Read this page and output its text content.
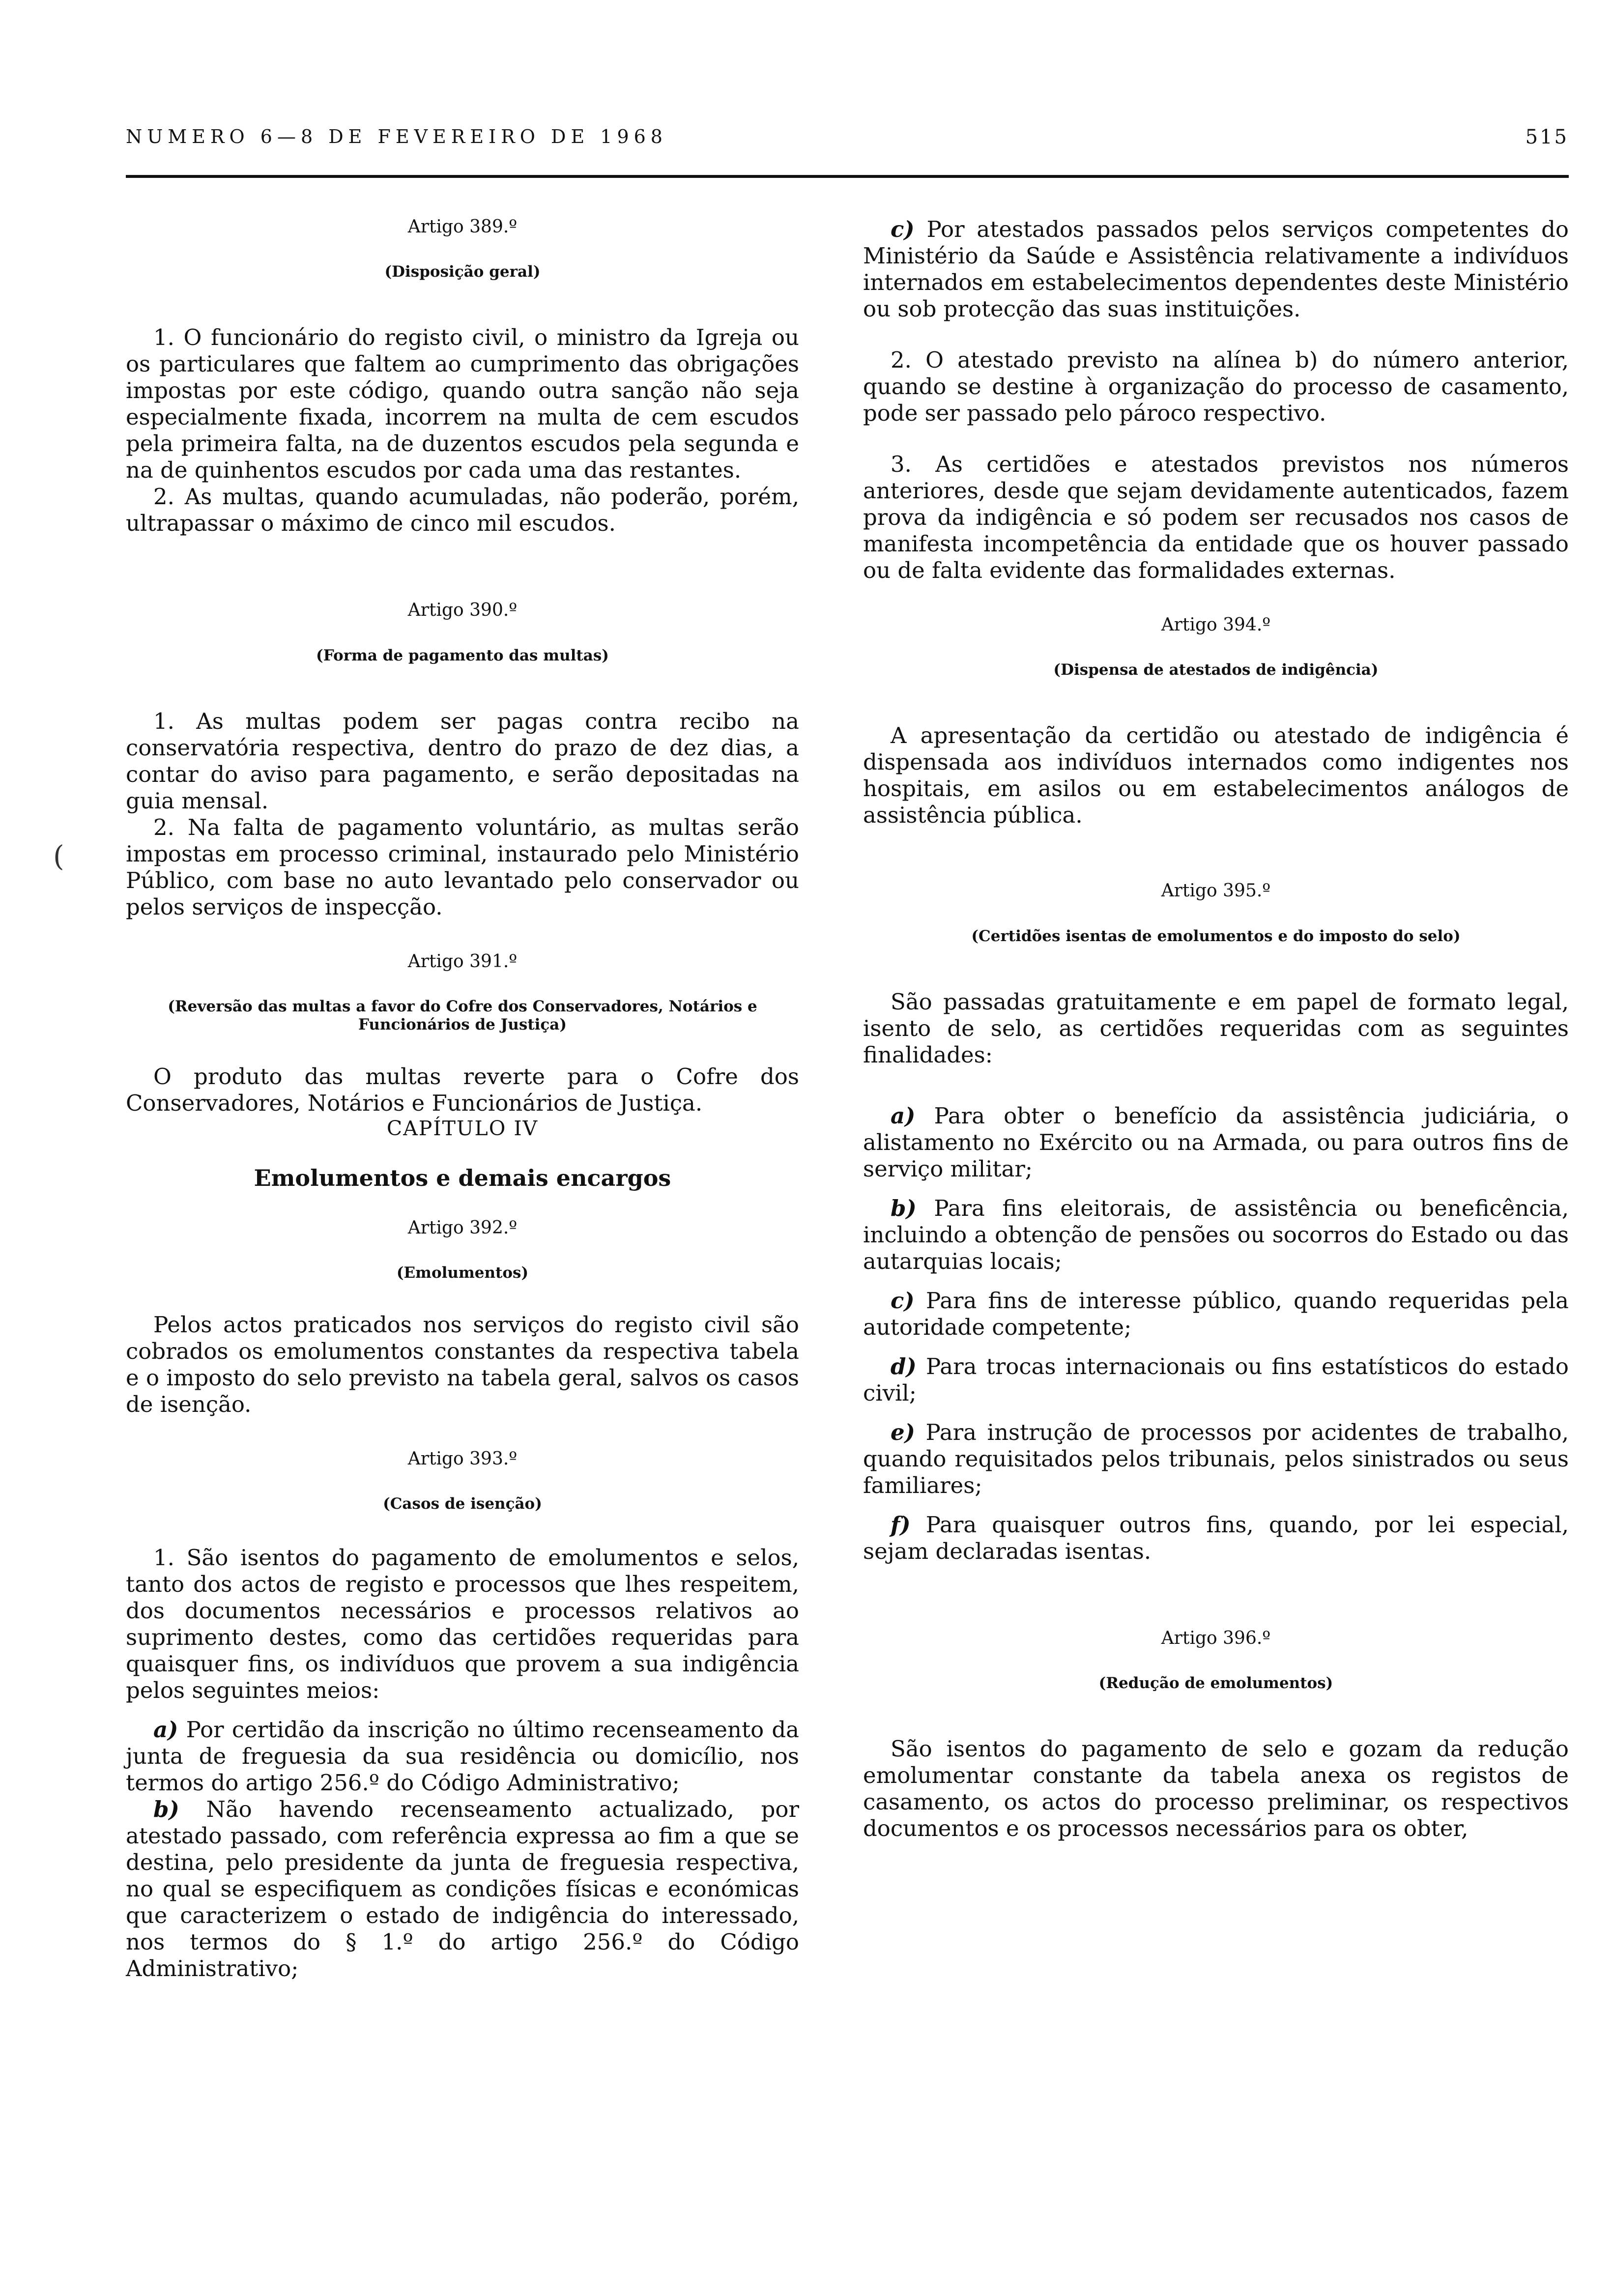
NUMERO 6—8 DE FEVEREIRO DE 1968	515
(
Artigo 389.º
(Disposição geral)

1. O funcionário do registo civil, o ministro da Igreja ou os particulares que faltem ao cumprimento das obrigações impostas por este código, quando outra sanção não seja especialmente fixada, incorrem na multa de cem escudos pela primeira falta, na de duzentos escudos pela segunda e na de quinhentos escudos por cada uma das restantes.

2. As multas, quando acumuladas, não poderão, porém, ultrapassar o máximo de cinco mil escudos.

Artigo 390.º
(Forma de pagamento das multas)

1. As multas podem ser pagas contra recibo na conservatória respectiva, dentro do prazo de dez dias, a contar do aviso para pagamento, e serão depositadas na guia mensal.

2. Na falta de pagamento voluntário, as multas serão impostas em processo criminal, instaurado pelo Ministério Público, com base no auto levantado pelo conservador ou pelos serviços de inspecção.

Artigo 391.º
(Reversão das multas a favor do Cofre dos Conservadores, Notários e Funcionários de Justiça)

O produto das multas reverte para o Cofre dos Conservadores, Notários e Funcionários de Justiça.

CAPÍTULO IV
Emolumentos e demais encargos
Artigo 392.º
(Emolumentos)

Pelos actos praticados nos serviços do registo civil são cobrados os emolumentos constantes da respectiva tabela e o imposto do selo previsto na tabela geral, salvos os casos de isenção.

Artigo 393.º
(Casos de isenção)

1. São isentos do pagamento de emolumentos e selos, tanto dos actos de registo e processos que lhes respeitem, dos documentos necessários e processos relativos ao suprimento destes, como das certidões requeridas para quaisquer fins, os indivíduos que provem a sua indigência pelos seguintes meios:

a) Por certidão da inscrição no último recenseamento da junta de freguesia da sua residência ou domicílio, nos termos do artigo 256.º do Código Administrativo;

b) Não havendo recenseamento actualizado, por atestado passado, com referência expressa ao fim a que se destina, pelo presidente da junta de freguesia respectiva, no qual se especifiquem as condições físicas e económicas que caracterizem o estado de indigência do interessado, nos termos do § 1.º do artigo 256.º do Código Administrativo;

c) Por atestados passados pelos serviços competentes do Ministério da Saúde e Assistência relativamente a indivíduos internados em estabelecimentos dependentes deste Ministério ou sob protecção das suas instituições.

2. O atestado previsto na alínea b) do número anterior, quando se destine à organização do processo de casamento, pode ser passado pelo pároco respectivo.

3. As certidões e atestados previstos nos números anteriores, desde que sejam devidamente autenticados, fazem prova da indigência e só podem ser recusados nos casos de manifesta incompetência da entidade que os houver passado ou de falta evidente das formalidades externas.

Artigo 394.º
(Dispensa de atestados de indigência)

A apresentação da certidão ou atestado de indigência é dispensada aos indivíduos internados como indigentes nos hospitais, em asilos ou em estabelecimentos análogos de assistência pública.

Artigo 395.º
(Certidões isentas de emolumentos e do imposto do selo)

São passadas gratuitamente e em papel de formato legal, isento de selo, as certidões requeridas com as seguintes finalidades:

a) Para obter o benefício da assistência judiciária, o alistamento no Exército ou na Armada, ou para outros fins de serviço militar;

b) Para fins eleitorais, de assistência ou beneficência, incluindo a obtenção de pensões ou socorros do Estado ou das autarquias locais;

c) Para fins de interesse público, quando requeridas pela autoridade competente;

d) Para trocas internacionais ou fins estatísticos do estado civil;

e) Para instrução de processos por acidentes de trabalho, quando requisitados pelos tribunais, pelos sinistrados ou seus familiares;

f) Para quaisquer outros fins, quando, por lei especial, sejam declaradas isentas.

Artigo 396.º
(Redução de emolumentos)

São isentos do pagamento de selo e gozam da redução emolumentar constante da tabela anexa os registos de casamento, os actos do processo preliminar, os respectivos documentos e os processos necessários para os obter,
